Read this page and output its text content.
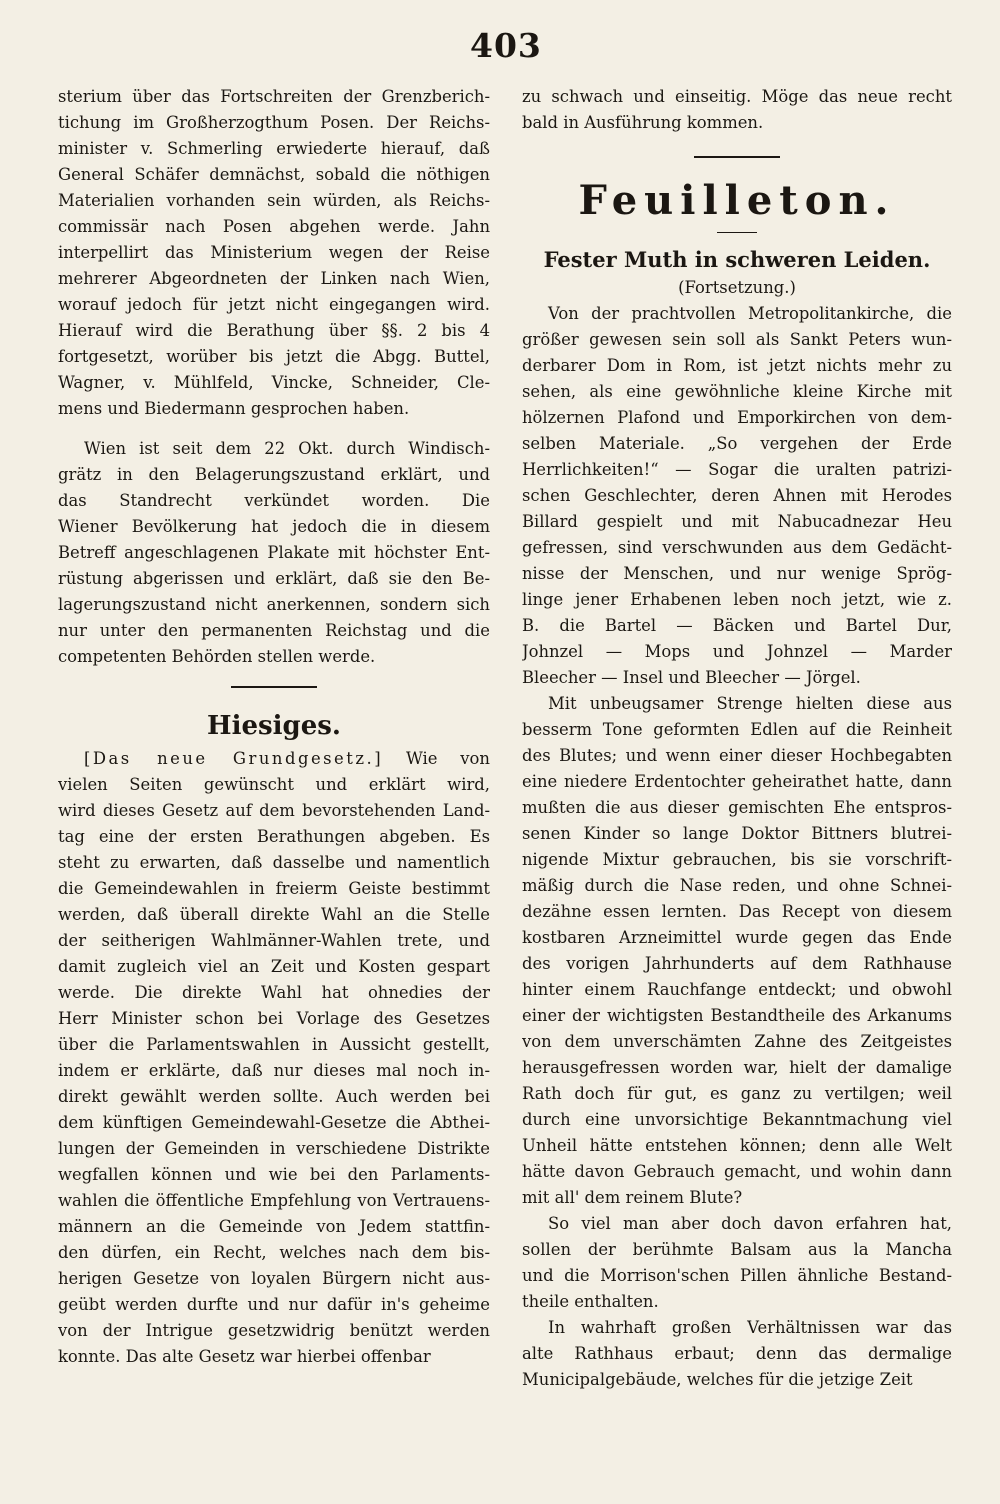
403
sterium über das Fortschreiten der Grenzberich-
tichung im Großherzogthum Posen. Der Reichs-
minister v. Schmerling erwiederte hierauf, daß
General Schäfer demnächst, sobald die nöthigen
Materialien vorhanden sein würden, als Reichs-
commissär nach Posen abgehen werde. Jahn
interpellirt das Ministerium wegen der Reise
mehrerer Abgeordneten der Linken nach Wien,
worauf jedoch für jetzt nicht eingegangen wird.
Hierauf wird die Berathung über §§. 2 bis 4
fortgesetzt, worüber bis jetzt die Abgg. Buttel,
Wagner, v. Mühlfeld, Vincke, Schneider, Cle-
mens und Biedermann gesprochen haben.
Wien ist seit dem 22 Okt. durch Windisch-
grätz in den Belagerungszustand erklärt, und
das Standrecht verkündet worden. Die
Wiener Bevölkerung hat jedoch die in diesem
Betreff angeschlagenen Plakate mit höchster Ent-
rüstung abgerissen und erklärt, daß sie den Be-
lagerungszustand nicht anerkennen, sondern sich
nur unter den permanenten Reichstag und die
competenten Behörden stellen werde.
Hiesiges.
[Das neue Grundgesetz.] Wie von
vielen Seiten gewünscht und erklärt wird,
wird dieses Gesetz auf dem bevorstehenden Land-
tag eine der ersten Berathungen abgeben. Es
steht zu erwarten, daß dasselbe und namentlich
die Gemeindewahlen in freierm Geiste bestimmt
werden, daß überall direkte Wahl an die Stelle
der seitherigen Wahlmänner-Wahlen trete, und
damit zugleich viel an Zeit und Kosten gespart
werde. Die direkte Wahl hat ohnedies der
Herr Minister schon bei Vorlage des Gesetzes
über die Parlamentswahlen in Aussicht gestellt,
indem er erklärte, daß nur dieses mal noch in-
direkt gewählt werden sollte. Auch werden bei
dem künftigen Gemeindewahl-Gesetze die Abthei-
lungen der Gemeinden in verschiedene Distrikte
wegfallen können und wie bei den Parlaments-
wahlen die öffentliche Empfehlung von Vertrauens-
männern an die Gemeinde von Jedem stattfin-
den dürfen, ein Recht, welches nach dem bis-
herigen Gesetze von loyalen Bürgern nicht aus-
geübt werden durfte und nur dafür in's geheime
von der Intrigue gesetzwidrig benützt werden
konnte. Das alte Gesetz war hierbei offenbar
zu schwach und einseitig. Möge das neue recht
bald in Ausführung kommen.
Feuilleton.
Fester Muth in schweren Leiden.
(Fortsetzung.)
Von der prachtvollen Metropolitankirche, die
größer gewesen sein soll als Sankt Peters wun-
derbarer Dom in Rom, ist jetzt nichts mehr zu
sehen, als eine gewöhnliche kleine Kirche mit
hölzernen Plafond und Emporkirchen von dem-
selben Materiale. „So vergehen der Erde
Herrlichkeiten!“ — Sogar die uralten patrizi-
schen Geschlechter, deren Ahnen mit Herodes
Billard gespielt und mit Nabucadnezar Heu
gefressen, sind verschwunden aus dem Gedächt-
nisse der Menschen, und nur wenige Sprög-
linge jener Erhabenen leben noch jetzt, wie z.
B. die Bartel — Bäcken und Bartel Dur,
Johnzel — Mops und Johnzel — Marder
Bleecher — Insel und Bleecher — Jörgel.
Mit unbeugsamer Strenge hielten diese aus
besserm Tone geformten Edlen auf die Reinheit
des Blutes; und wenn einer dieser Hochbegabten
eine niedere Erdentochter geheirathet hatte, dann
mußten die aus dieser gemischten Ehe entspros-
senen Kinder so lange Doktor Bittners blutrei-
nigende Mixtur gebrauchen, bis sie vorschrift-
mäßig durch die Nase reden, und ohne Schnei-
dezähne essen lernten. Das Recept von diesem
kostbaren Arzneimittel wurde gegen das Ende
des vorigen Jahrhunderts auf dem Rathhause
hinter einem Rauchfange entdeckt; und obwohl
einer der wichtigsten Bestandtheile des Arkanums
von dem unverschämten Zahne des Zeitgeistes
herausgefressen worden war, hielt der damalige
Rath doch für gut, es ganz zu vertilgen; weil
durch eine unvorsichtige Bekanntmachung viel
Unheil hätte entstehen können; denn alle Welt
hätte davon Gebrauch gemacht, und wohin dann
mit all' dem reinem Blute?
So viel man aber doch davon erfahren hat,
sollen der berühmte Balsam aus la Mancha
und die Morrison'schen Pillen ähnliche Bestand-
theile enthalten.
In wahrhaft großen Verhältnissen war das
alte Rathhaus erbaut; denn das dermalige
Municipalgebäude, welches für die jetzige Zeit
